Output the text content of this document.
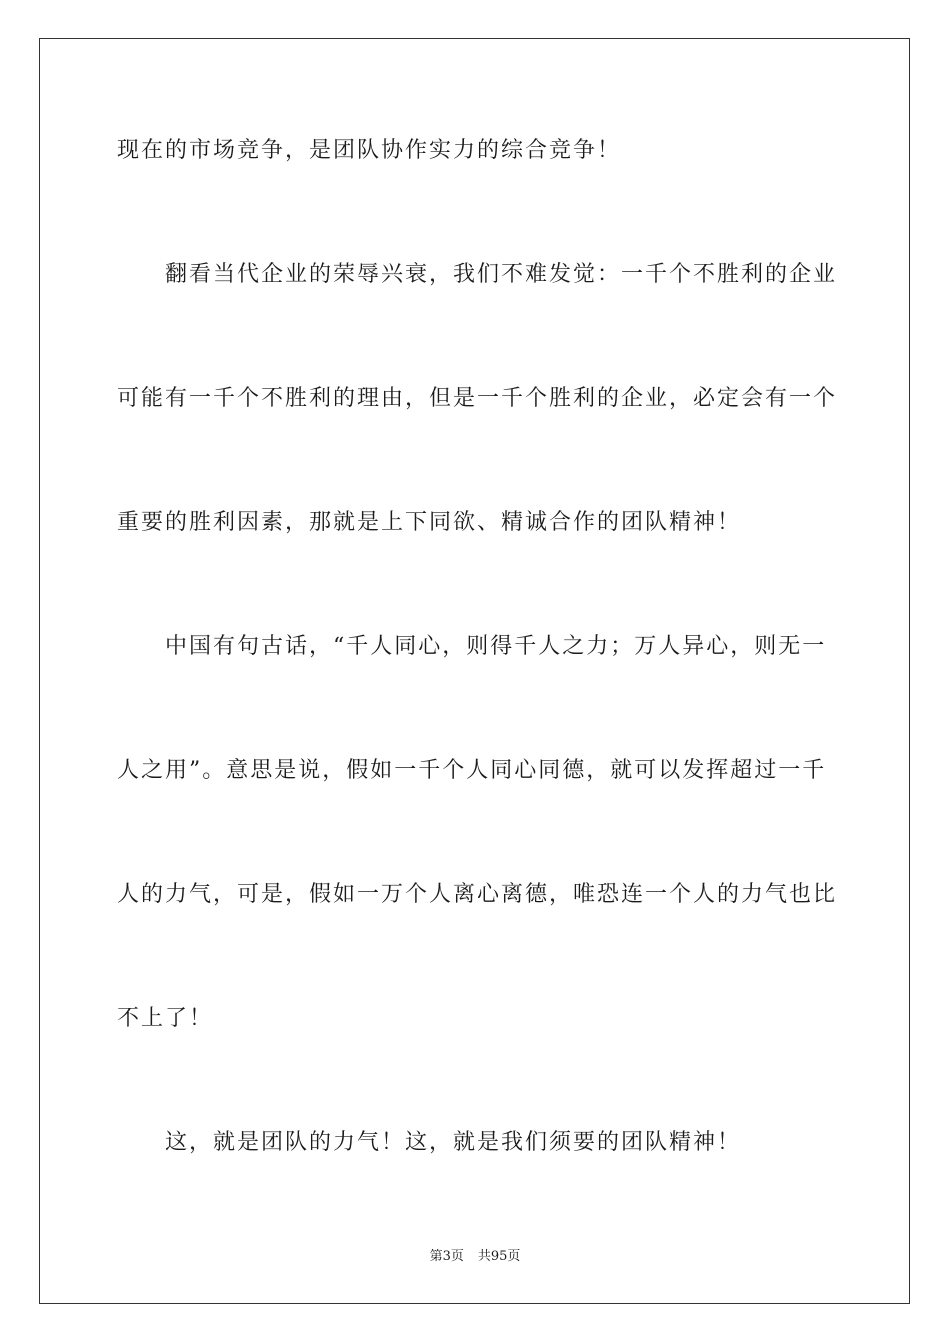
现在的市场竞争，是团队协作实力的综合竞争！
翻看当代企业的荣辱兴衰，我们不难发觉：一千个不胜利的企业
可能有一千个不胜利的理由，但是一千个胜利的企业，必定会有一个
重要的胜利因素，那就是上下同欲、精诚合作的团队精神！
中国有句古话，“千人同心，则得千人之力；万人异心，则无一
人之用”。意思是说，假如一千个人同心同德，就可以发挥超过一千
人的力气，可是，假如一万个人离心离德，唯恐连一个人的力气也比
不上了！
这，就是团队的力气！这，就是我们须要的团队精神！
第3页 共95页
